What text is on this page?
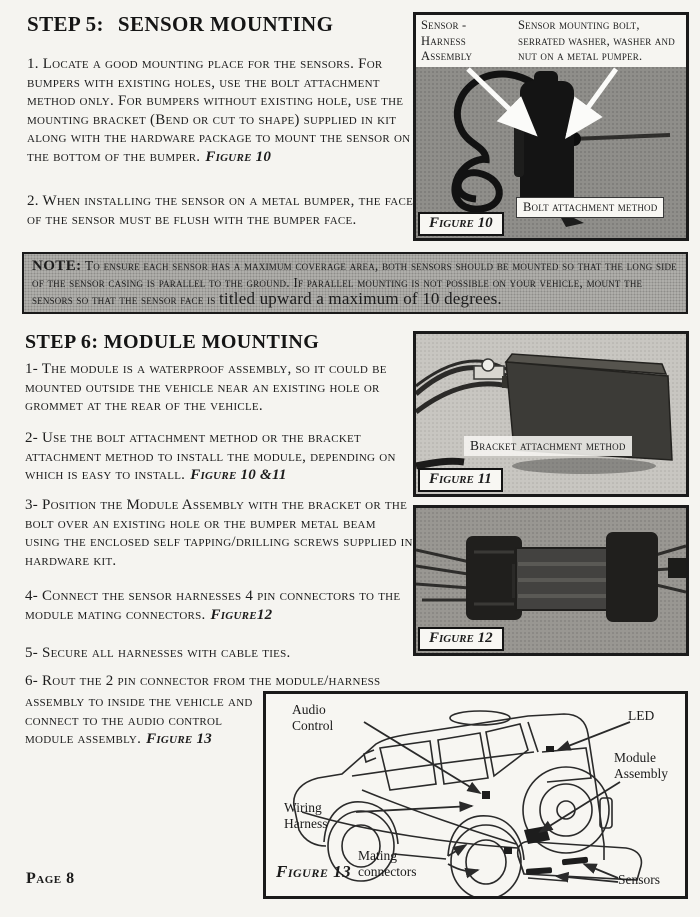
STEP 5: SENSOR MOUNTING

1. Locate a good mounting place for the sensors. For bumpers with existing holes, use the bolt attachment method only. For bumpers without existing hole, use the mounting bracket (Bend or cut to shape) supplied in kit along with the hardware package to mount the sensor on the bottom of the bumper. Figure 10

2. When installing the sensor on a metal bumper, the face of the sensor must be flush with the bumper face.

NOTE: To ensure each sensor has a maximum coverage area, both sensors should be mounted so that the long side of the sensor casing is parallel to the ground. If parallel mounting is not possible on your vehicle, mount the sensors so that the sensor face is titled upward a maximum of 10 degrees.
STEP 6: MODULE MOUNTING

1- The module is a waterproof assembly, so it could be mounted outside the vehicle near an existing hole or grommet at the rear of the vehicle.

2- Use the bolt attachment method or the bracket attachment method to install the module, depending on which is easy to install. Figure 10 &11

3- Position the Module Assembly with the bracket or the bolt over an existing hole or the bumper metal beam using the enclosed self tapping/drilling screws supplied in hardware kit.

4- Connect the sensor harnesses 4 pin connectors to the module mating connectors. Figure12

5- Secure all harnesses with cable ties.

6- Rout the 2 pin connector from the module/harness

assembly to inside the vehicle and connect to the audio control module assembly. Figure 13

Page 8
Sensor - Harness Assembly
Sensor mounting bolt, serrated washer, washer and nut on a metal pumper.
Bolt attachment method
Figure 10
Bracket attachment method
Figure 11
Figure 12
Audio Control
LED
Module Assembly
Wiring Harness
Mating connectors
Sensors
Figure 13
